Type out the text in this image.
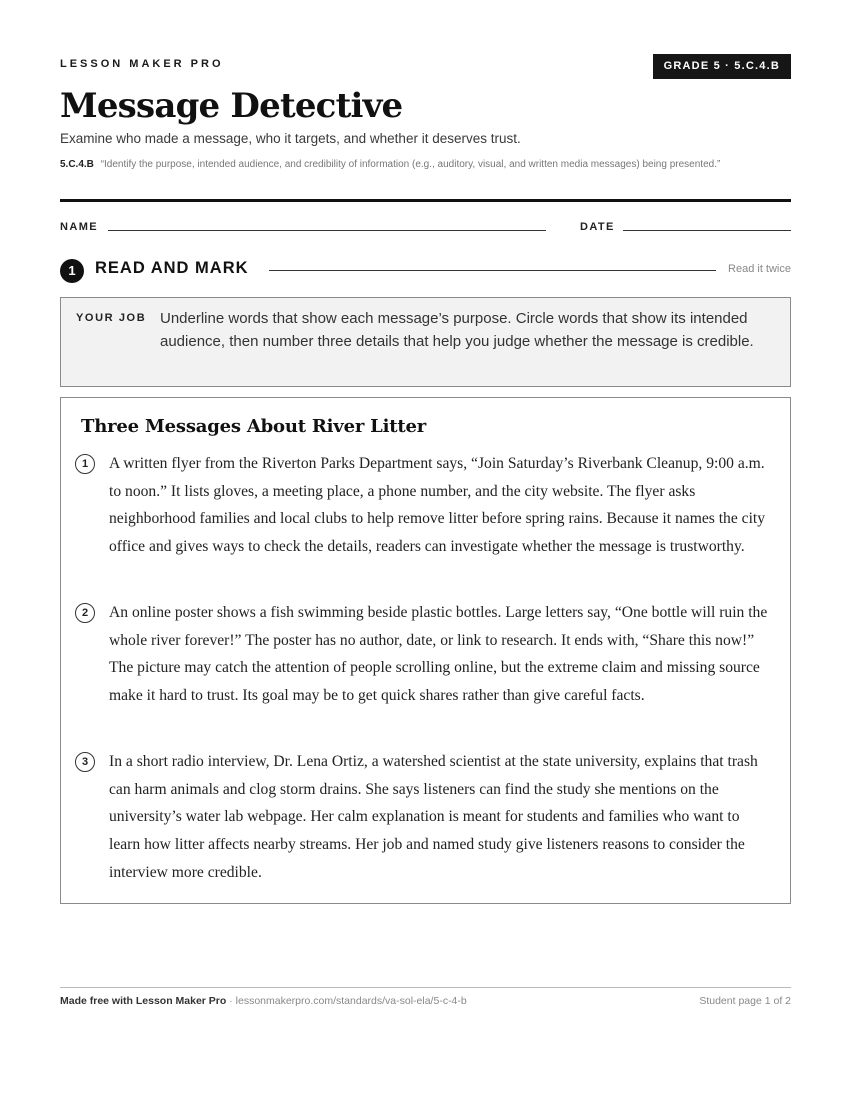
LESSON MAKER PRO	GRADE 5 · 5.C.4.B
Message Detective
Examine who made a message, who it targets, and whether it deserves trust.
5.C.4.B “Identify the purpose, intended audience, and credibility of information (e.g., auditory, visual, and written media messages) being presented.”
NAME	DATE
1	READ AND MARK	Read it twice
YOUR JOB Underline words that show each message’s purpose. Circle words that show its intended audience, then number three details that help you judge whether the message is credible.
Three Messages About River Litter
1	A written flyer from the Riverton Parks Department says, “Join Saturday’s Riverbank Cleanup, 9:00 a.m. to noon.” It lists gloves, a meeting place, a phone number, and the city website. The flyer asks neighborhood families and local clubs to help remove litter before spring rains. Because it names the city office and gives ways to check the details, readers can investigate whether the message is trustworthy.

2	An online poster shows a fish swimming beside plastic bottles. Large letters say, “One bottle will ruin the whole river forever!” The poster has no author, date, or link to research. It ends with, “Share this now!” The picture may catch the attention of people scrolling online, but the extreme claim and missing source make it hard to trust. Its goal may be to get quick shares rather than give careful facts.

3	In a short radio interview, Dr. Lena Ortiz, a watershed scientist at the state university, explains that trash can harm animals and clog storm drains. She says listeners can find the study she mentions on the university’s water lab webpage. Her calm explanation is meant for students and families who want to learn how litter affects nearby streams. Her job and named study give listeners reasons to consider the interview more credible.

Made free with Lesson Maker Pro · lessonmakerpro.com/standards/va-sol-ela/5-c-4-b	Student page 1 of 2
